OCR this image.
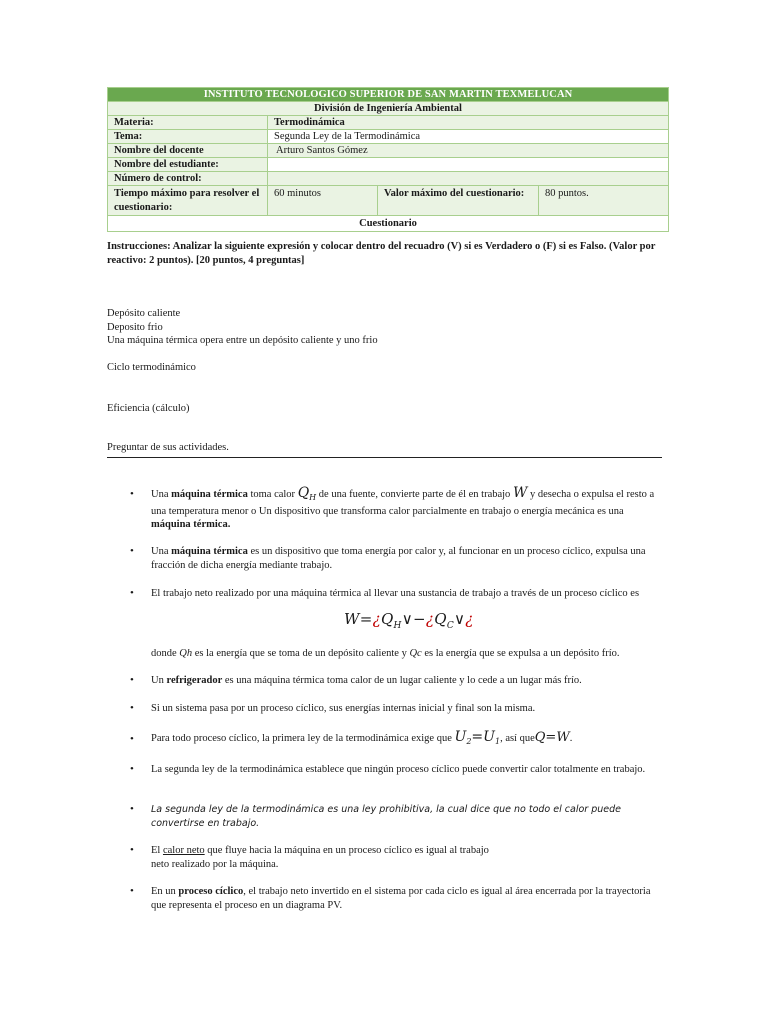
INSTITUTO TECNOLOGICO SUPERIOR DE SAN MARTIN TEXMELUCAN			
División de Ingeniería Ambiental			
Materia:	Termodinámica		
Tema:	Segunda Ley de la Termodinámica		
Nombre del docente	Arturo Santos Gómez		
Nombre del estudiante:			
Número de control:			
Tiempo máximo para resolver el cuestionario:	60 minutos	Valor máximo del cuestionario:	80 puntos.
Cuestionario			
Instrucciones: Analizar la siguiente expresión y colocar dentro del recuadro (V) si es Verdadero o (F) si es Falso. (Valor por reactivo: 2 puntos). [20 puntos, 4 preguntas]
Depósito caliente
Deposito frio
Una máquina térmica opera entre un depósito caliente y uno frio
Ciclo termodinámico
Eficiencia (cálculo)
Preguntar de sus actividades.
• Una máquina térmica toma calor $Q_H$ de una fuente, convierte parte de él en trabajo W y desecha o expulsa el resto a una temperatura menor o Un dispositivo que transforma calor parcialmente en trabajo o energía mecánica es una máquina térmica.
• Una máquina térmica es un dispositivo que toma energía por calor y, al funcionar en un proceso cíclico, expulsa una fracción de dicha energía mediante trabajo.
• El trabajo neto realizado por una máquina térmica al llevar una sustancia de trabajo a través de un proceso cíclico es
$W=¿Q_H\vee-¿Q_C\vee¿$
donde Qh es la energía que se toma de un depósito caliente y Qc es la energía que se expulsa a un depósito frío.
• Un refrigerador es una máquina térmica toma calor de un lugar caliente y lo cede a un lugar más frío.
• Si un sistema pasa por un proceso cíclico, sus energías internas inicial y final son la misma.
• Para todo proceso cíclico, la primera ley de la termodinámica exige que $U_2=U_1$, así queQ=W.
• La segunda ley de la termodinámica establece que ningún proceso cíclico puede convertir calor totalmente en trabajo.
• La segunda ley de la termodinámica es una ley prohibitiva, la cual dice que no todo el calor puede convertirse en trabajo.
• El calor neto que fluye hacia la máquina en un proceso cíclico es igual al trabajo
neto realizado por la máquina.
• En un proceso cíclico, el trabajo neto invertido en el sistema por cada ciclo es igual al área encerrada por la trayectoria que representa el proceso en un diagrama PV.
